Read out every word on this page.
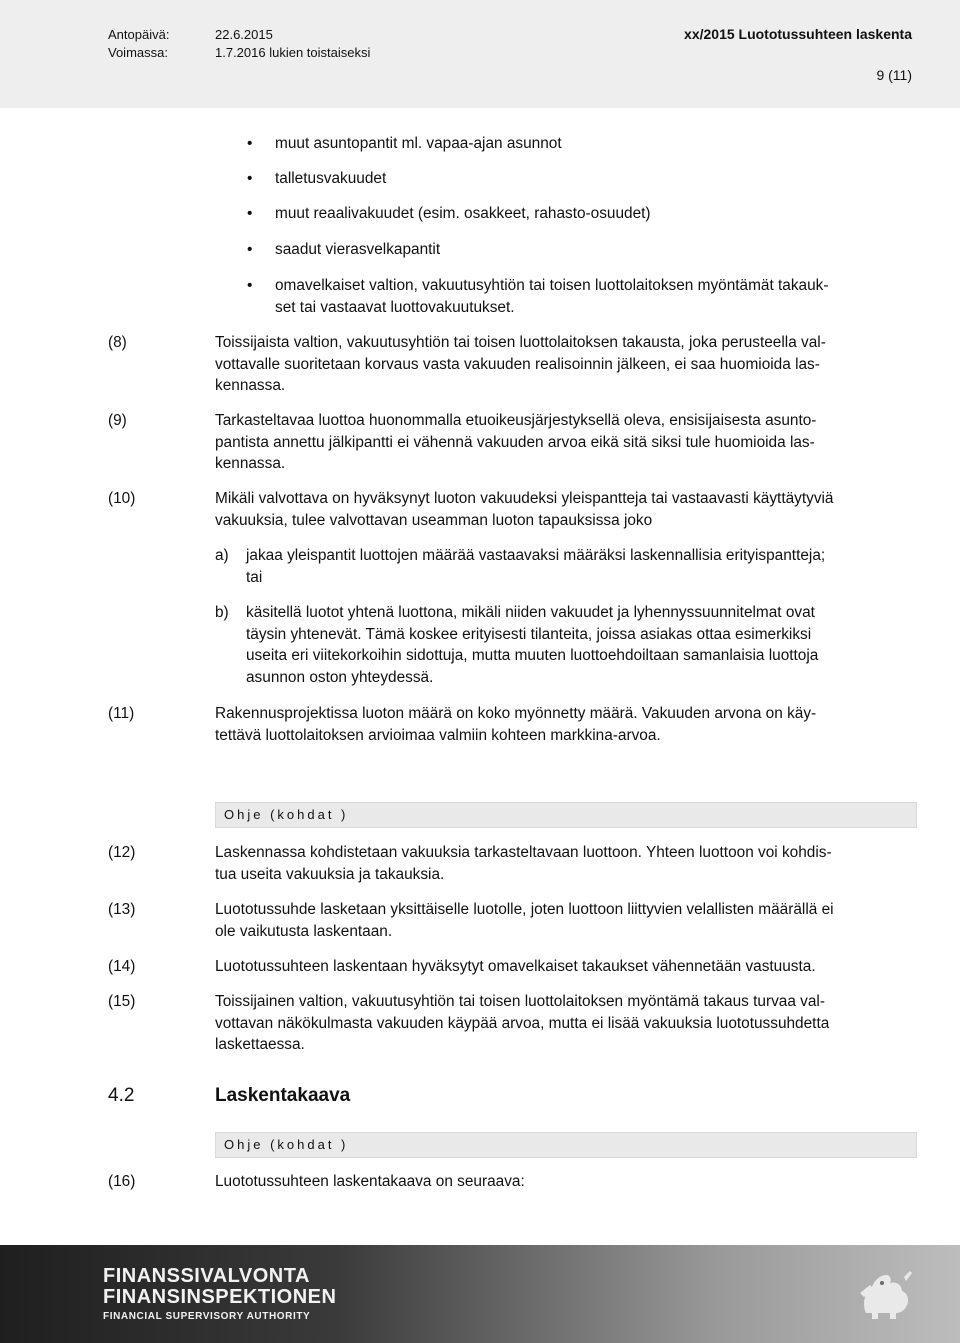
Antopäivä:	22.6.2015
Voimassa:	1.7.2016 lukien toistaiseksi
xx/2015 Luototussuhteen laskenta
9 (11)
• muut asuntopantit ml. vapaa-ajan asunnot
• talletusvakuudet
• muut reaalivakuudet (esim. osakkeet, rahasto-osuudet)
• saadut vierasvelkapantit
• omavelkaiset valtion, vakuutusyhtiön tai toisen luottolaitoksen myöntämät takauk-
set tai vastaavat luottovakuutukset.
(8)	Toissijaista valtion, vakuutusyhtiön tai toisen luottolaitoksen takausta, joka perusteella val-
vottavalle suoritetaan korvaus vasta vakuuden realisoinnin jälkeen, ei saa huomioida las-
kennassa.
(9)	Tarkasteltavaa luottoa huonommalla etuoikeusjärjestyksellä oleva, ensisijaisesta asunto-
pantista annettu jälkipantti ei vähennä vakuuden arvoa eikä sitä siksi tule huomioida las-
kennassa.
(10)	Mikäli valvottava on hyväksynyt luoton vakuudeksi yleispantteja tai vastaavasti käyttäytyviä
vakuuksia, tulee valvottavan useamman luoton tapauksissa joko
a) jakaa yleispantit luottojen määrää vastaavaksi määräksi laskennallisia erityispantteja;
tai
b) käsitellä luotot yhtenä luottona, mikäli niiden vakuudet ja lyhennyssuunnitelmat ovat
täysin yhtenevät. Tämä koskee erityisesti tilanteita, joissa asiakas ottaa esimerkiksi
useita eri viitekorkoihin sidottuja, mutta muuten luottoehdoiltaan samanlaisia luottoja
asunnon oston yhteydessä.
(11)	Rakennusprojektissa luoton määrä on koko myönnetty määrä. Vakuuden arvona on käy-
tettävä luottolaitoksen arvioimaa valmiin kohteen markkina-arvoa.
Ohje (kohdat )
(12)	Laskennassa kohdistetaan vakuuksia tarkasteltavaan luottoon. Yhteen luottoon voi kohdis-
tua useita vakuuksia ja takauksia.
(13)	Luototussuhde lasketaan yksittäiselle luotolle, joten luottoon liittyvien velallisten määrällä ei
ole vaikutusta laskentaan.
(14)	Luototussuhteen laskentaan hyväksytyt omavelkaiset takaukset vähennetään vastuusta.
(15)	Toissijainen valtion, vakuutusyhtiön tai toisen luottolaitoksen myöntämä takaus turvaa val-
vottavan näkökulmasta vakuuden käypää arvoa, mutta ei lisää vakuuksia luototussuhdetta
laskettaessa.
4.2	Laskentakaava
Ohje (kohdat )
(16)	Luototussuhteen laskentakaava on seuraava:
FINANSSIVALVONTA
FINANSINSPEKTIONEN
FINANCIAL SUPERVISORY AUTHORITY
